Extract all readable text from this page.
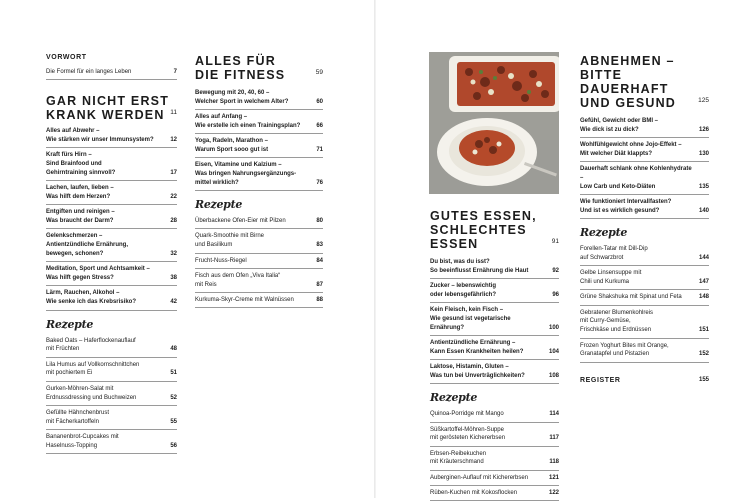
VORWORT
Die Formel für ein langes Leben	7
GAR NICHT ERST
KRANK WERDEN 11
Alles auf Abwehr –
Wie stärken wir unser Immunsystem?	12
Kraft fürs Hirn –
Sind Brainfood und
Gehirntraining sinnvoll?	17
Lachen, laufen, lieben –
Was hilft dem Herzen?	22
Entgiften und reinigen –
Was braucht der Darm?	28
Gelenkschmerzen –
Antientzündliche Ernährung,
bewegen, schonen?	32
Meditation, Sport und Achtsamkeit –
Was hilft gegen Stress?	38
Lärm, Rauchen, Alkohol –
Wie senke ich das Krebsrisiko?	42
Rezepte
Baked Oats – Haferflockenauflauf
mit Früchten	48
Lila Humus auf Vollkornschnittchen
mit pochiertem Ei	51
Gurken-Möhren-Salat mit
Erdnussdressing und Buchweizen	52
Gefüllte Hähnchenbrust
mit Fächerkartoffeln	55
Bananenbrot-Cupcakes mit
Haselnuss-Topping	56
ALLES FÜR
DIE FITNESS	59
Bewegung mit 20, 40, 60 –
Welcher Sport in welchem Alter?	60
Alles auf Anfang –
Wie erstelle ich einen Trainingsplan?	66
Yoga, Radeln, Marathon –
Warum Sport sooo gut ist	71
Eisen, Vitamine und Kalzium –
Was bringen Nahrungsergänzungs-
mittel wirklich?	76
Rezepte
Überbackene Ofen-Eier mit Pilzen	80
Quark-Smoothie mit Birne
und Basilikum	83
Frucht-Nuss-Riegel	84
Fisch aus dem Ofen „Viva Italia“
mit Reis	87
Kurkuma-Skyr-Creme mit Walnüssen	88
GUTES ESSEN,
SCHLECHTES ESSEN	91
Du bist, was du isst?
So beeinflusst Ernährung die Haut	92
Zucker – lebenswichtig
oder lebensgefährlich?	96
Kein Fleisch, kein Fisch –
Wie gesund ist vegetarische
Ernährung?	100
Antientzündliche Ernährung –
Kann Essen Krankheiten heilen?	104
Laktose, Histamin, Gluten –
Was tun bei Unverträglichkeiten?	108
Rezepte
Quinoa-Porridge mit Mango	114
Süßkartoffel-Möhren-Suppe
mit gerösteten Kichererbsen	117
Erbsen-Reibekuchen
mit Kräuterschmand	118
Auberginen-Auflauf mit Kichererbsen	121
Rüben-Kuchen mit Kokosflocken	122
ABNEHMEN –
BITTE DAUERHAFT
UND GESUND	125
Gefühl, Gewicht oder BMI –
Wie dick ist zu dick?	126
Wohlfühlgewicht ohne Jojo-Effekt –
Mit welcher Diät klappts?	130
Dauerhaft schlank ohne Kohlenhydrate –
Low Carb und Keto-Diäten	135
Wie funktioniert Intervallfasten?
Und ist es wirklich gesund?	140
Rezepte
Forellen-Tatar mit Dill-Dip
auf Schwarzbrot	144
Gelbe Linsensuppe mit
Chili und Kurkuma	147
Grüne Shakshuka mit Spinat und Feta	148
Gebratener Blumenkohlreis
mit Curry-Gemüse,
Frischkäse und Erdnüssen	151
Frozen Yoghurt Bites mit Orange,
Granatapfel und Pistazien	152
REGISTER	155
